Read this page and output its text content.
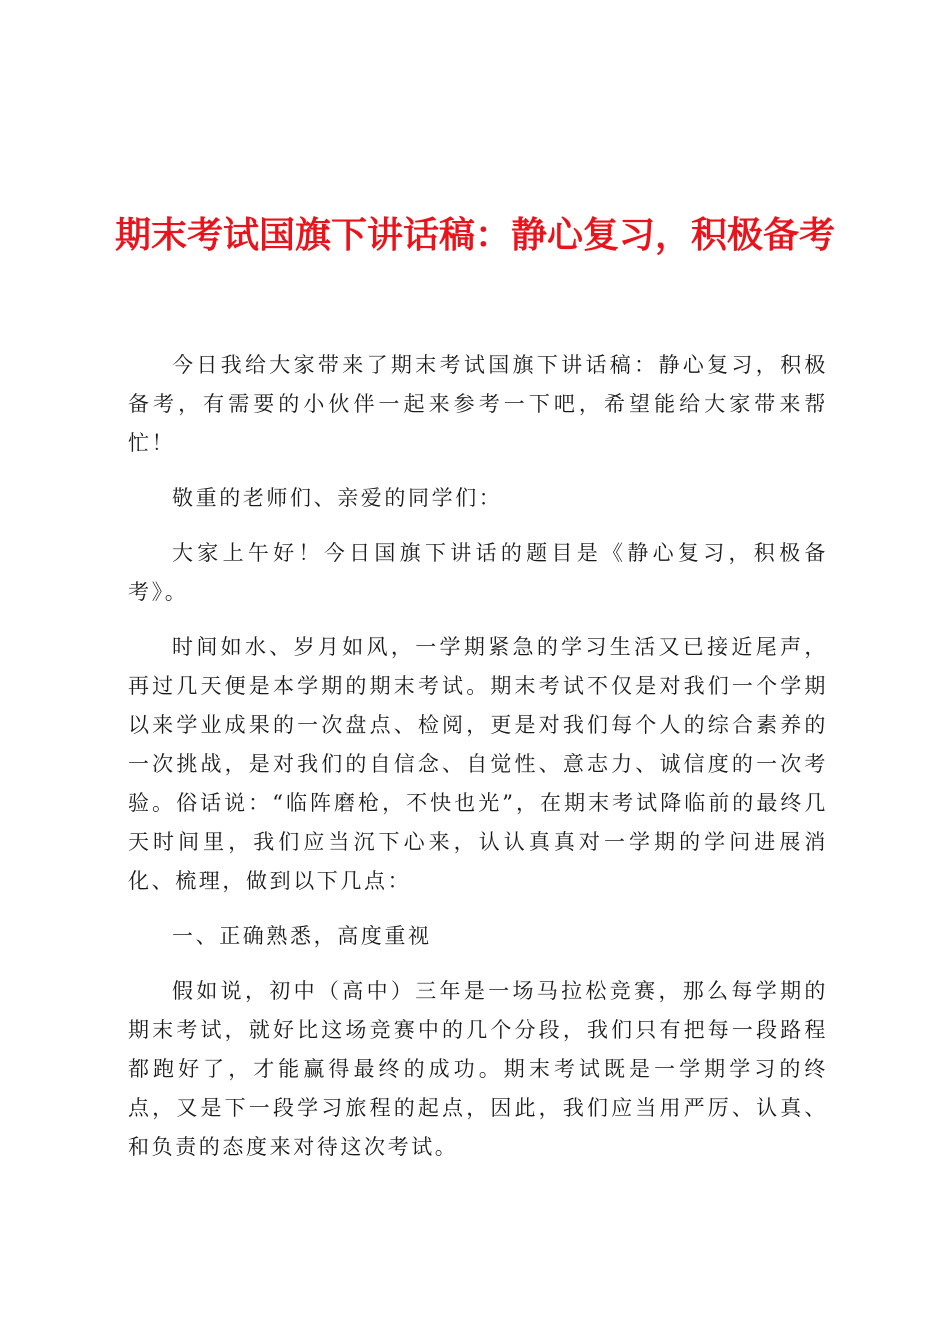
期末考试国旗下讲话稿：静心复习，积极备考

今日我给大家带来了期末考试国旗下讲话稿：静心复习，积极备考，有需要的小伙伴一起来参考一下吧，希望能给大家带来帮忙！

敬重的老师们、亲爱的同学们：

大家上午好！今日国旗下讲话的题目是《静心复习，积极备考》。

时间如水、岁月如风，一学期紧急的学习生活又已接近尾声，再过几天便是本学期的期末考试。期末考试不仅是对我们一个学期以来学业成果的一次盘点、检阅，更是对我们每个人的综合素养的一次挑战，是对我们的自信念、自觉性、意志力、诚信度的一次考验。俗话说：“临阵磨枪，不快也光”，在期末考试降临前的最终几天时间里，我们应当沉下心来，认认真真对一学期的学问进展消化、梳理，做到以下几点：

一、正确熟悉，高度重视

假如说，初中（高中）三年是一场马拉松竞赛，那么每学期的期末考试，就好比这场竞赛中的几个分段，我们只有把每一段路程都跑好了，才能赢得最终的成功。期末考试既是一学期学习的终点，又是下一段学习旅程的起点，因此，我们应当用严厉、认真、和负责的态度来对待这次考试。
